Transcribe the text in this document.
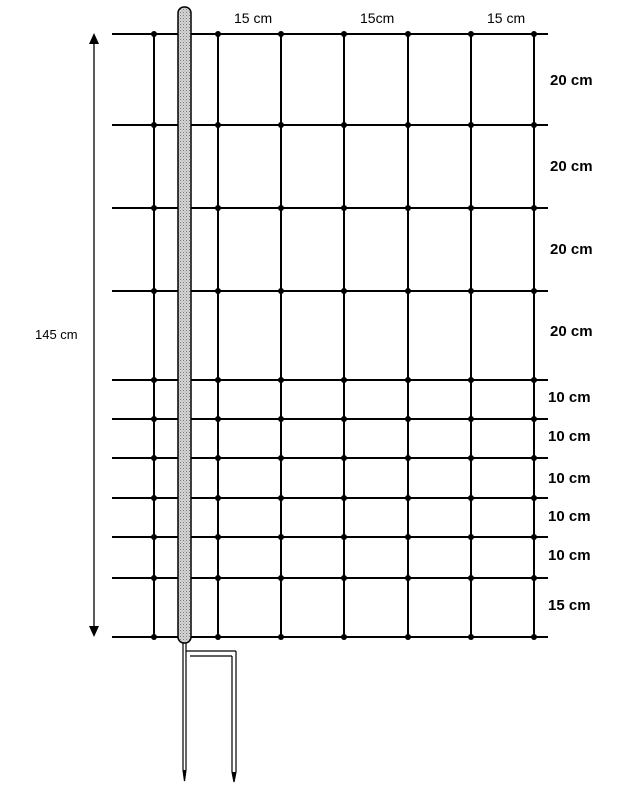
145 cm
15 cm	15cm	15 cm
20 cm
20 cm
20 cm
20 cm
10 cm
10 cm
10 cm
10 cm
10 cm
15 cm
